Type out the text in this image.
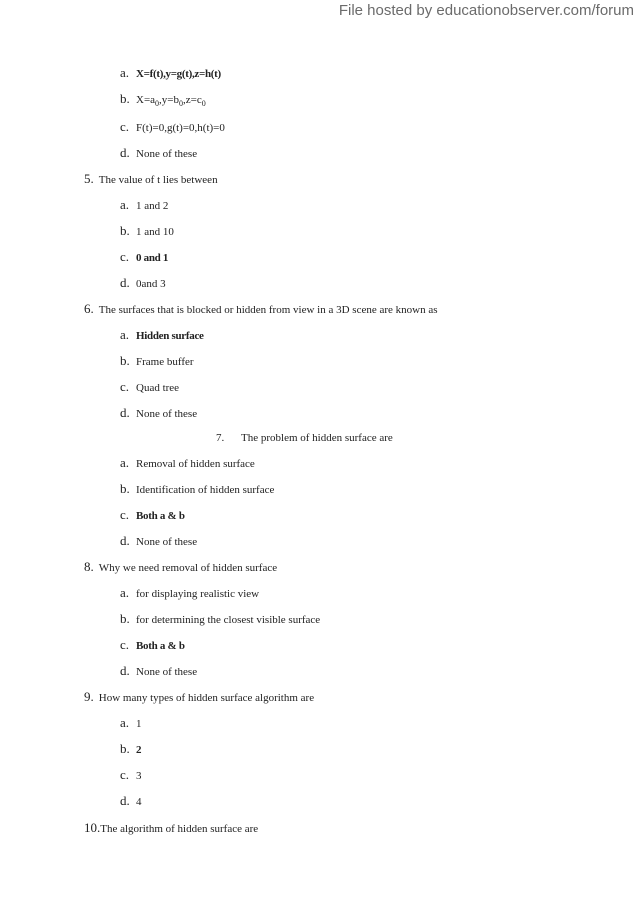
File hosted by educationobserver.com/forum
a. X=f(t),y=g(t),z=h(t)
b. $X=a_0,y=b_0,z=c_0$
c. F(t)=0,g(t)=0,h(t)=0
d. None of these
5. The value of t lies between
a. 1 and 2
b. 1 and 10
c. 0 and 1
d. 0and 3
6. The surfaces that is blocked or hidden from view in a 3D scene are known as
a. Hidden surface
b. Frame buffer
c. Quad tree
d. None of these
7. The problem of hidden surface are
a. Removal of hidden surface
b. Identification of hidden surface
c. Both a & b
d. None of these
8. Why we need removal of hidden surface
a. for displaying realistic view
b. for determining the closest visible surface
c. Both a & b
d. None of these
9. How many types of hidden surface algorithm are
a. 1
b. 2
c. 3
d. 4
10.The algorithm of hidden surface are
